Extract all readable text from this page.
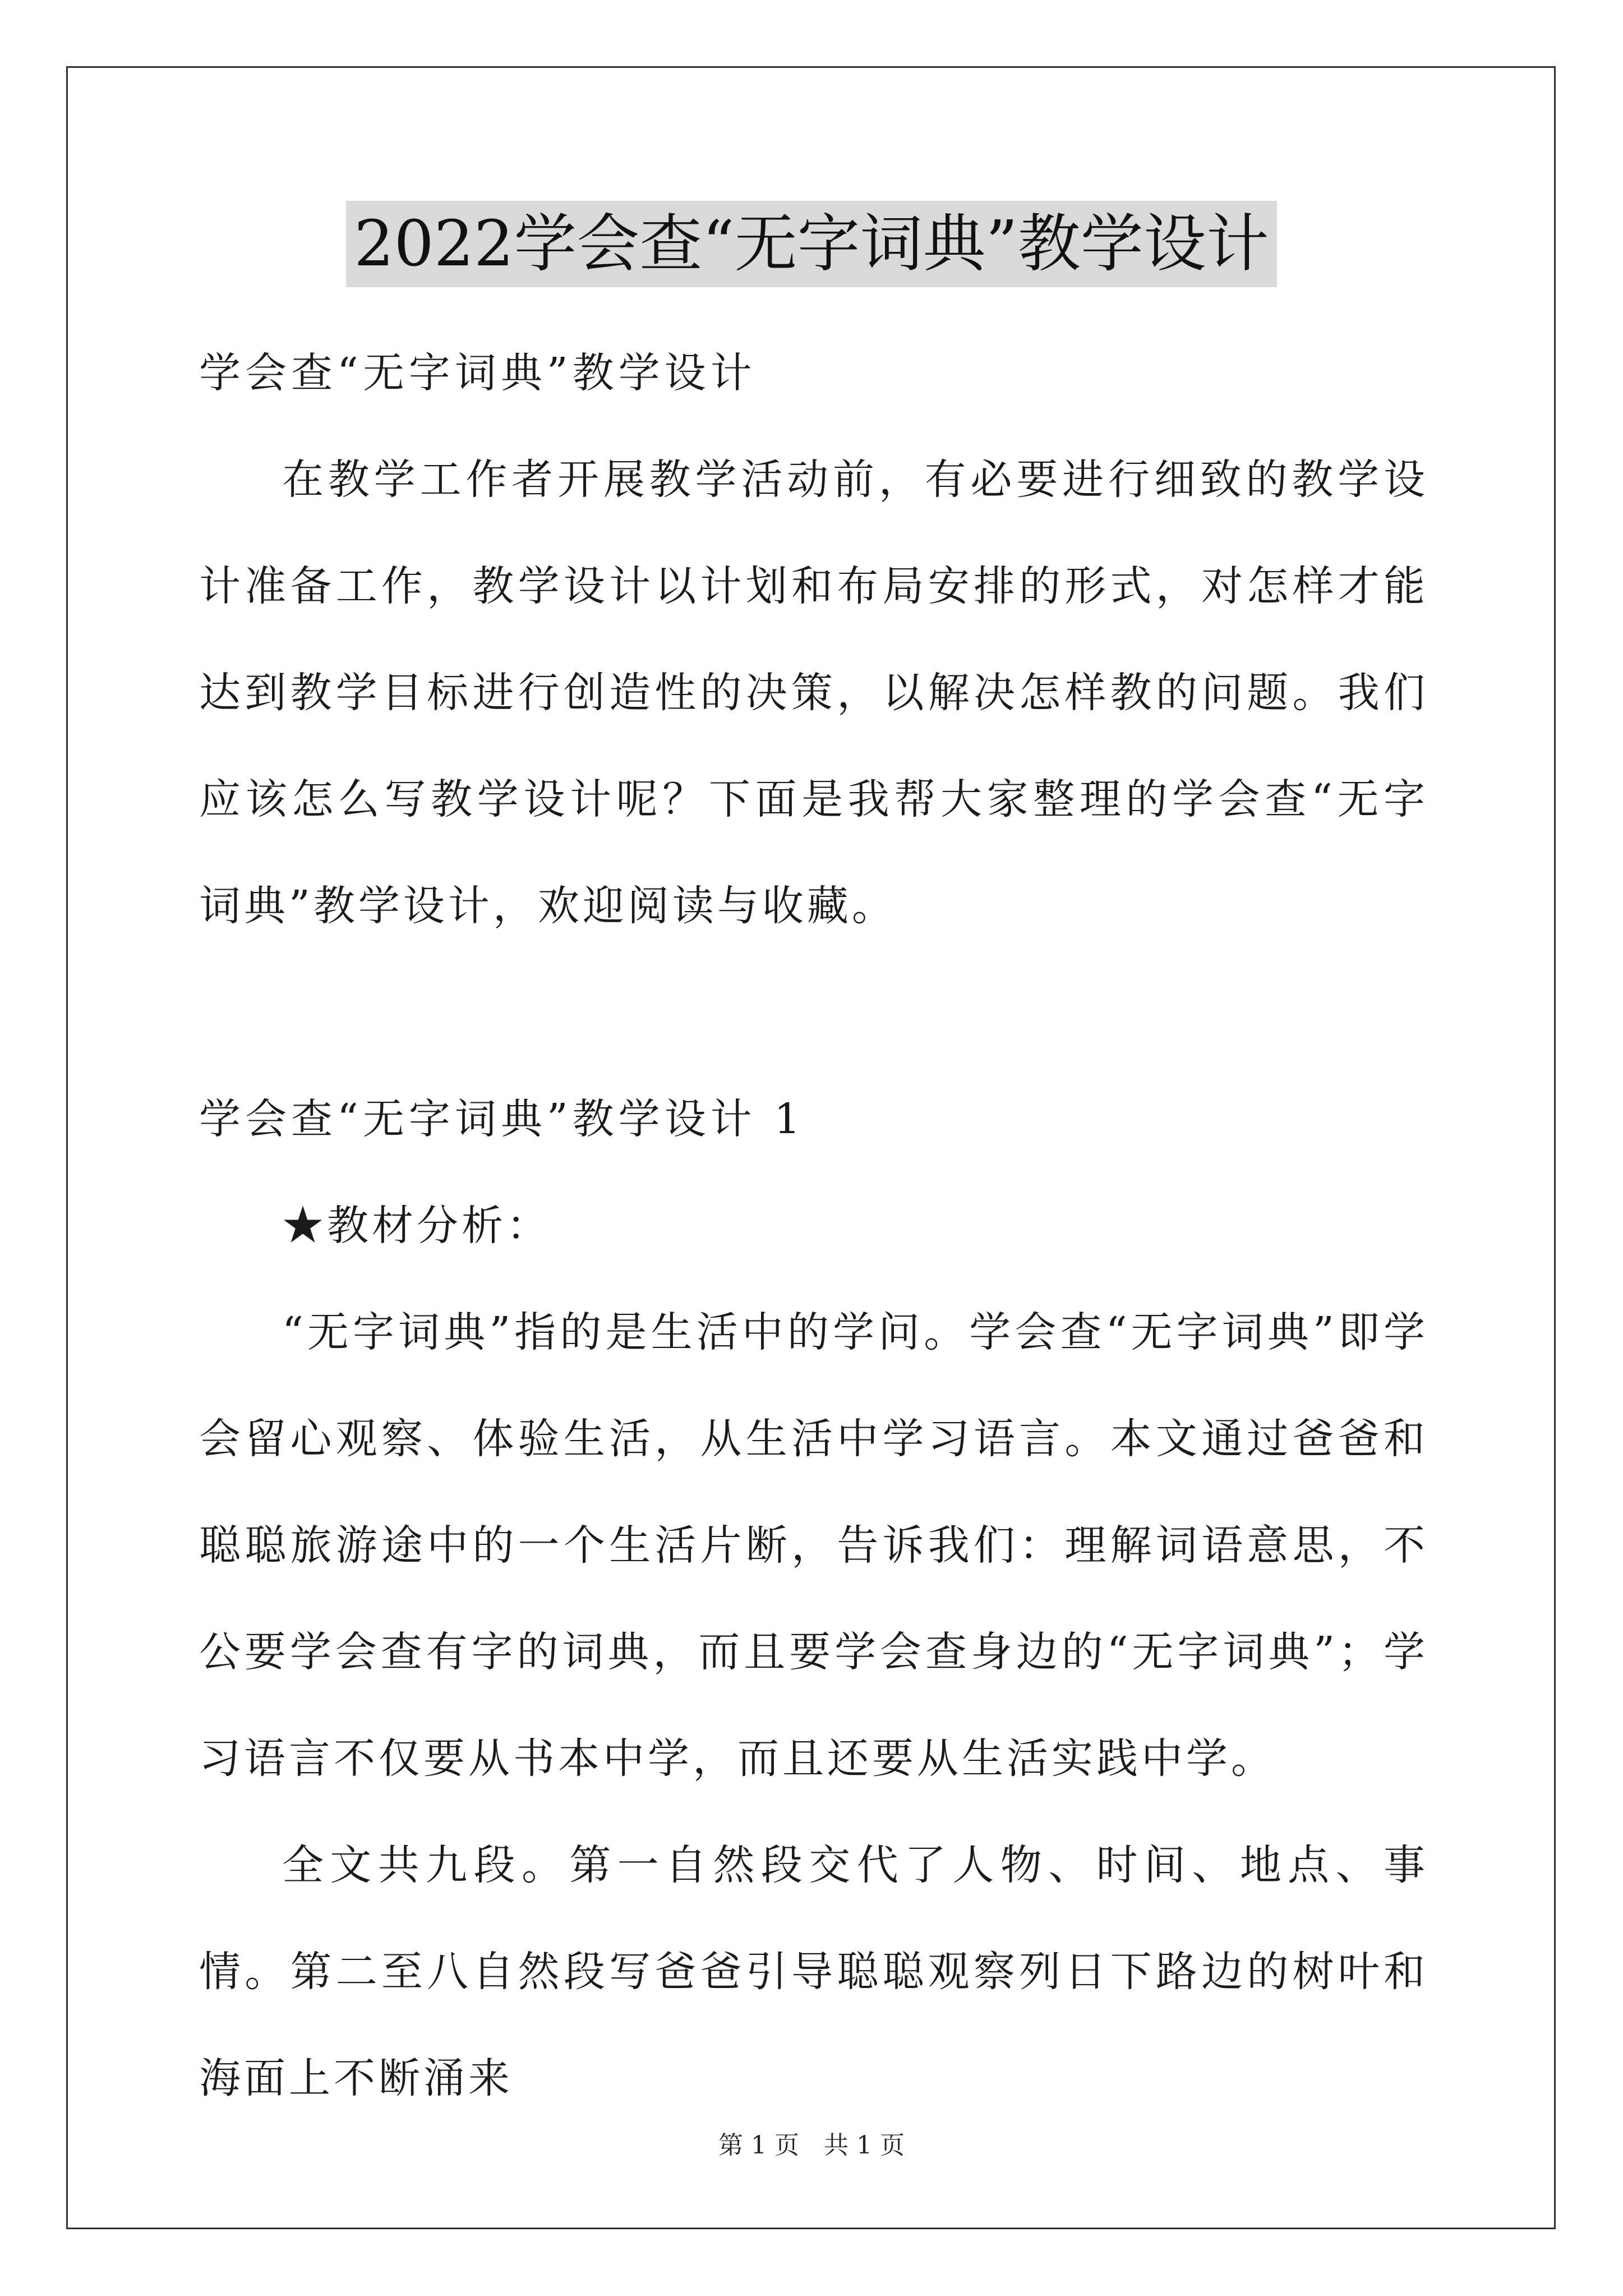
2022学会查“无字词典”教学设计
学会查“无字词典”教学设计

在教学工作者开展教学活动前，有必要进行细致的教学设计准备工作，教学设计以计划和布局安排的形式，对怎样才能达到教学目标进行创造性的决策，以解决怎样教的问题。我们应该怎么写教学设计呢？下面是我帮大家整理的学会查“无字词典”教学设计，欢迎阅读与收藏。

学会查“无字词典”教学设计 1

★教材分析：

“无字词典”指的是生活中的学问。学会查“无字词典”即学会留心观察、体验生活，从生活中学习语言。本文通过爸爸和聪聪旅游途中的一个生活片断，告诉我们：理解词语意思，不公要学会查有字的词典，而且要学会查身边的“无字词典”；学习语言不仅要从书本中学，而且还要从生活实践中学。

全文共九段。第一自然段交代了人物、时间、地点、事情。第二至八自然段写爸爸引导聪聪观察列日下路边的树叶和海面上不断涌来

第 1 页　共 1 页
